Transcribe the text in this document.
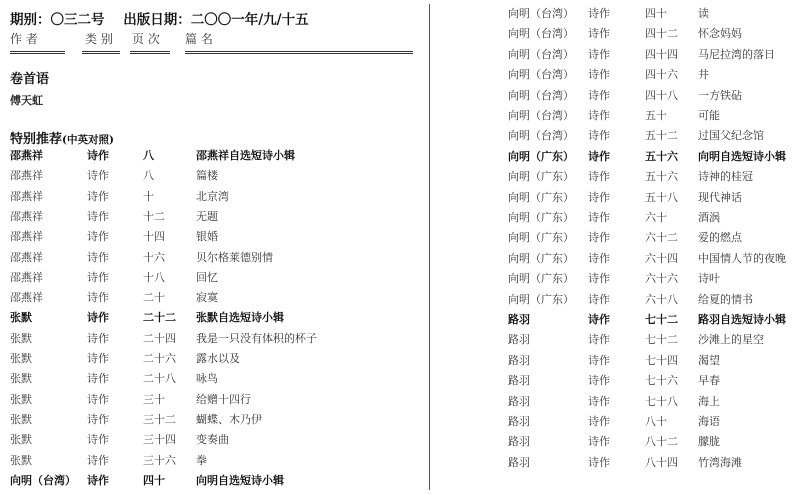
期别：〇三二号 出版日期：二〇〇一年/九/十五
作 者	类 别 页 次 篇 名
卷首语
傅天虹
特别推荐(中英对照)
邵燕祥	诗作	八	邵燕祥自选短诗小辑
邵燕祥	诗作	八	篇楼
邵燕祥	诗作	十	北京湾
邵燕祥	诗作	十二	无题
邵燕祥	诗作	十四	银婚
邵燕祥	诗作	十六	贝尔格莱德别情
邵燕祥	诗作	十八	回忆
邵燕祥	诗作	二十	寂寞
张默	诗作	二十二 张默自选短诗小辑
张默	诗作	二十四 我是一只没有体积的杯子
张默	诗作	二十六 露水以及
张默	诗作	二十八 咏鸟
张默	诗作	三十	给赠十四行
张默	诗作	三十二 蝴蝶、木乃伊
张默	诗作	三十四 变奏曲
张默	诗作	三十六 拳
向明（台湾） 诗作	四十	向明自选短诗小辑
向明（台湾） 诗作	四十	读
向明（台湾） 诗作	四十二 怀念妈妈
向明（台湾） 诗作	四十四 马尼拉湾的落日
向明（台湾） 诗作	四十六 井
向明（台湾） 诗作	四十八 一方铁砧
向明（台湾） 诗作	五十	可能
向明（台湾） 诗作	五十二 过国父纪念馆
向明（广东） 诗作	五十六 向明自选短诗小辑
向明（广东） 诗作	五十六 诗神的桂冠
向明（广东） 诗作	五十八 现代神话
向明（广东） 诗作	六十	酒涡
向明（广东） 诗作	六十二 爱的燃点
向明（广东） 诗作	六十四 中国情人节的夜晚
向明（广东） 诗作	六十六 诗叶
向明（广东） 诗作	六十八 给夏的情书
路羽	诗作	七十二 路羽自选短诗小辑
路羽	诗作	七十二 沙滩上的星空
路羽	诗作	七十四 渴望
路羽	诗作	七十六 早春
路羽	诗作	七十八 海上
路羽	诗作	八十	海语
路羽	诗作	八十二 朦胧
路羽	诗作	八十四 竹湾海滩
